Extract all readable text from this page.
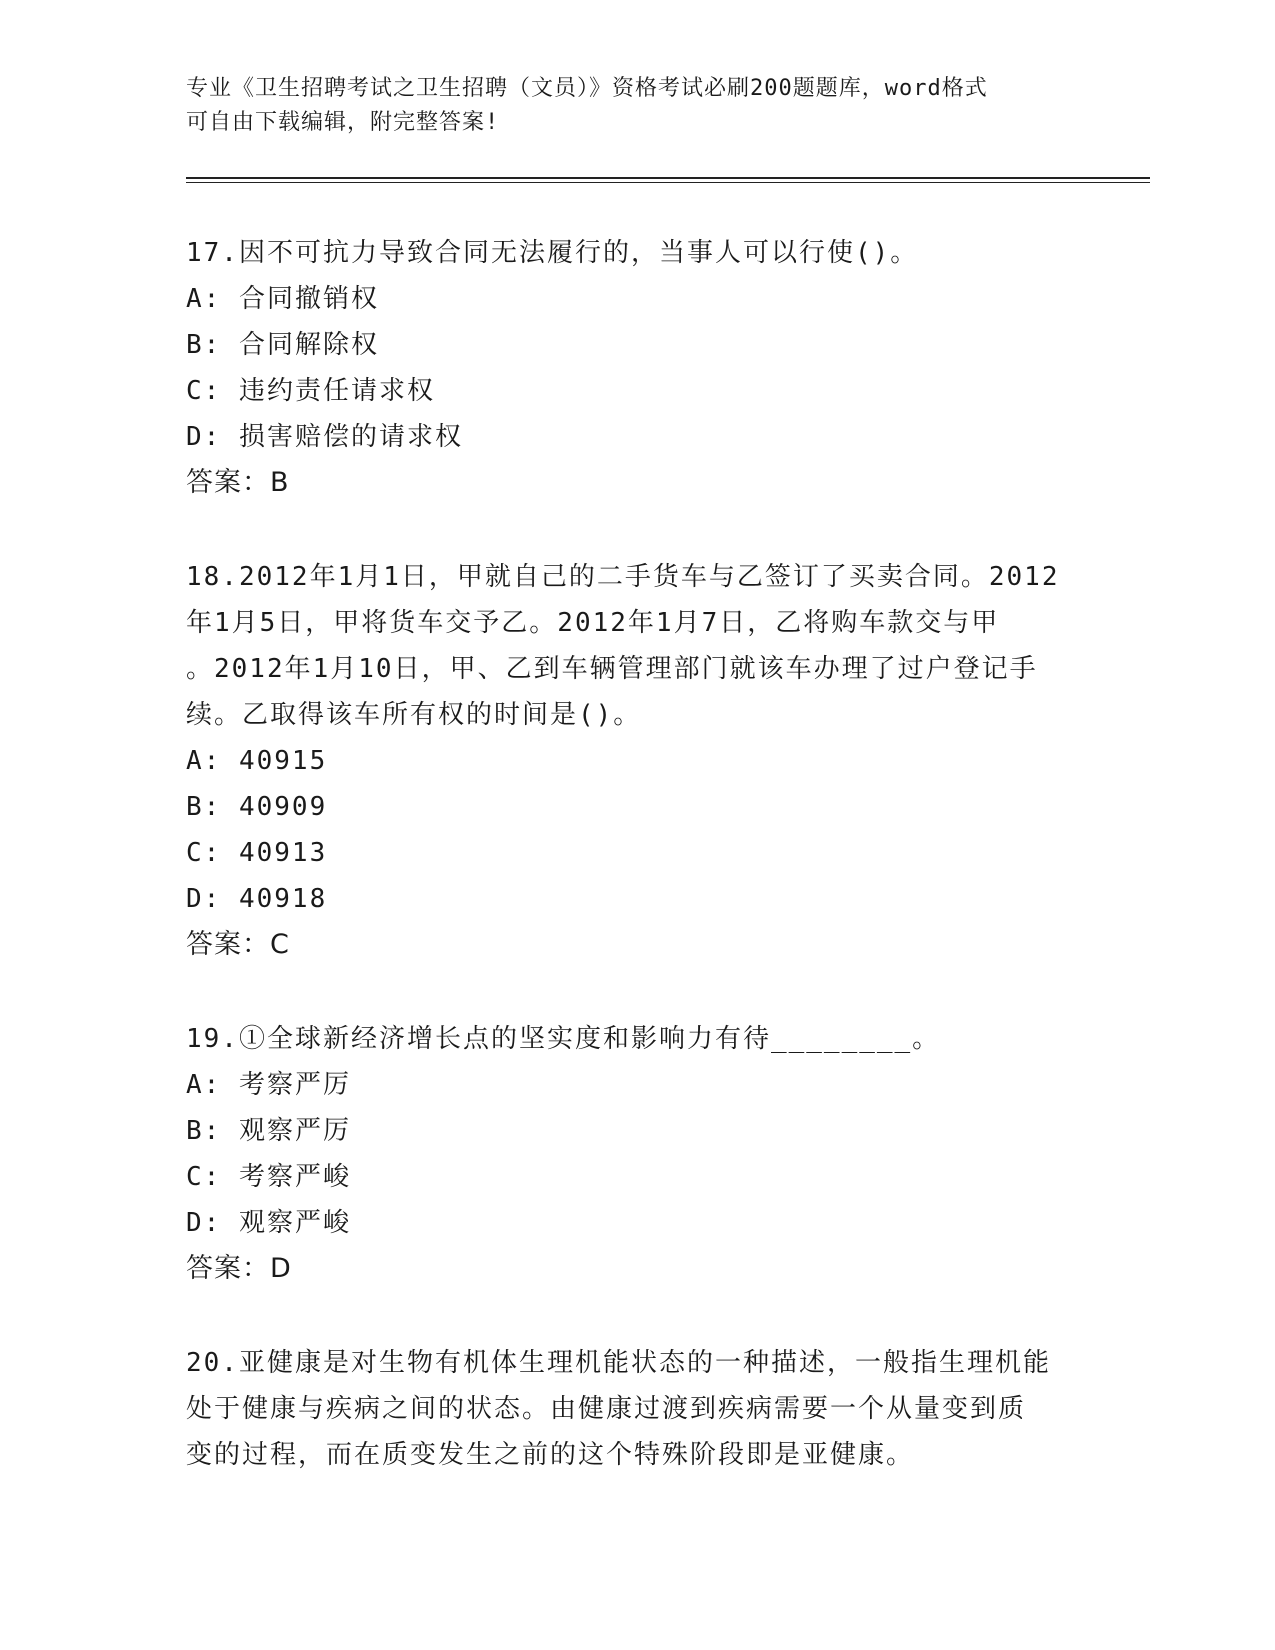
专业《卫生招聘考试之卫生招聘（文员）》资格考试必刷200题题库，word格式
可自由下载编辑，附完整答案!

17.因不可抗力导致合同无法履行的，当事人可以行使()。

A: 合同撤销权

B: 合同解除权

C: 违约责任请求权

D: 损害赔偿的请求权

答案：B

18.2012年1月1日，甲就自己的二手货车与乙签订了买卖合同。2012

年1月5日，甲将货车交予乙。2012年1月7日，乙将购车款交与甲

。2012年1月10日，甲、乙到车辆管理部门就该车办理了过户登记手

续。乙取得该车所有权的时间是()。

A: 40915

B: 40909

C: 40913

D: 40918

答案：C

19.①全球新经济增长点的坚实度和影响力有待________。

A: 考察严厉

B: 观察严厉

C: 考察严峻

D: 观察严峻

答案：D

20.亚健康是对生物有机体生理机能状态的一种描述，一般指生理机能

处于健康与疾病之间的状态。由健康过渡到疾病需要一个从量变到质

变的过程，而在质变发生之前的这个特殊阶段即是亚健康。
